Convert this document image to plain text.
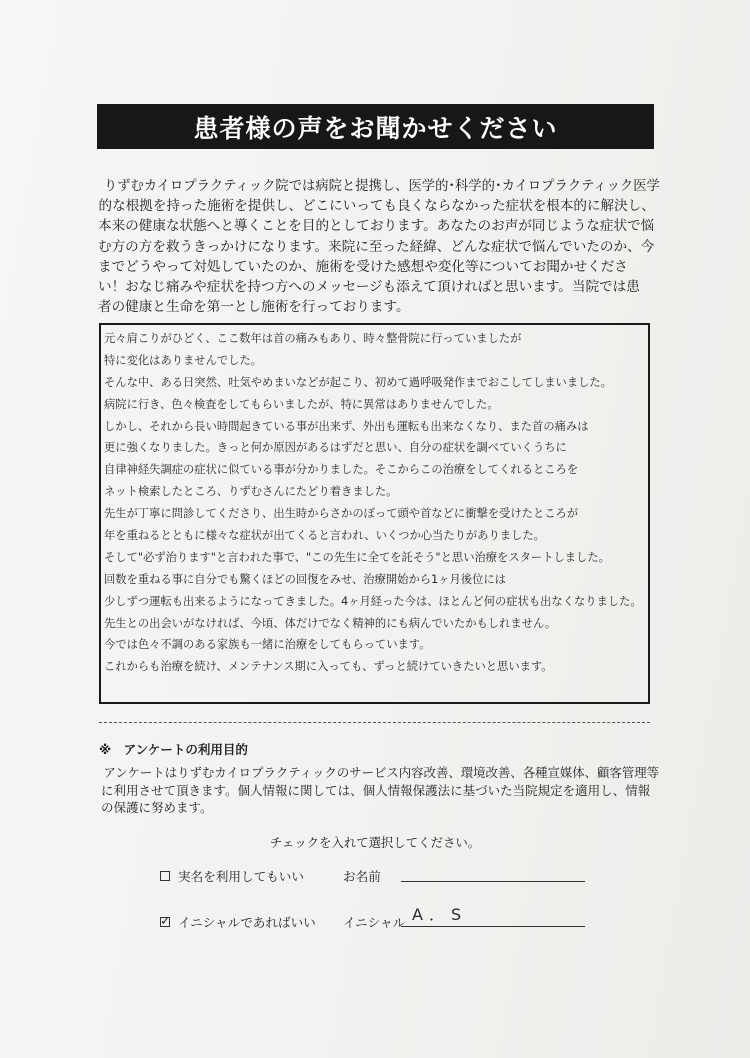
患者様の声をお聞かせください

りずむカイロプラクティック院では病院と提携し、医学的･科学的･カイロプラクティック医学

的な根拠を持った施術を提供し、どこにいっても良くならなかった症状を根本的に解決し、

本来の健康な状態へと導くことを目的としております。あなたのお声が同じような症状で悩

む方の方を救うきっかけになります。来院に至った経緯、どんな症状で悩んでいたのか、今

までどうやって対処していたのか、施術を受けた感想や変化等についてお聞かせくださ

い！おなじ痛みや症状を持つ方へのメッセージも添えて頂ければと思います。当院では患

者の健康と生命を第一とし施術を行っております。

元々肩こりがひどく、ここ数年は首の痛みもあり、時々整骨院に行っていましたが

特に変化はありませんでした。

そんな中、ある日突然、吐気やめまいなどが起こり、初めて過呼吸発作までおこしてしまいました。

病院に行き、色々検査をしてもらいましたが、特に異常はありませんでした。

しかし、それから長い時間起きている事が出来ず、外出も運転も出来なくなり、また首の痛みは

更に強くなりました。きっと何か原因があるはずだと思い、自分の症状を調べていくうちに

自律神経失調症の症状に似ている事が分かりました。そこからこの治療をしてくれるところを

ネット検索したところ、りずむさんにたどり着きました。

先生が丁寧に問診してくださり、出生時からさかのぼって頭や首などに衝撃を受けたところが

年を重ねるとともに様々な症状が出てくると言われ、いくつか心当たりがありました。

そして"必ず治ります"と言われた事で、"この先生に全てを託そう"と思い治療をスタートしました。

回数を重ねる事に自分でも驚くほどの回復をみせ、治療開始から1ヶ月後位には

少しずつ運転も出来るようになってきました。4ヶ月経った今は、ほとんど何の症状も出なくなりました。

先生との出会いがなければ、今頃、体だけでなく精神的にも病んでいたかもしれません。

今では色々不調のある家族も一緒に治療をしてもらっています。

これからも治療を続け、メンテナンス期に入っても、ずっと続けていきたいと思います。

※　アンケートの利用目的

アンケートはりずむカイロプラクティックのサービス内容改善、環境改善、各種宣媒体、顧客管理等

に利用させて頂きます。個人情報に関しては、個人情報保護法に基づいた当院規定を適用し、情報

の保護に努めます。

チェックを入れて選択してください。
実名を利用してもいい	お名前
✓ イニシャルであればいい イニシャル A．S
